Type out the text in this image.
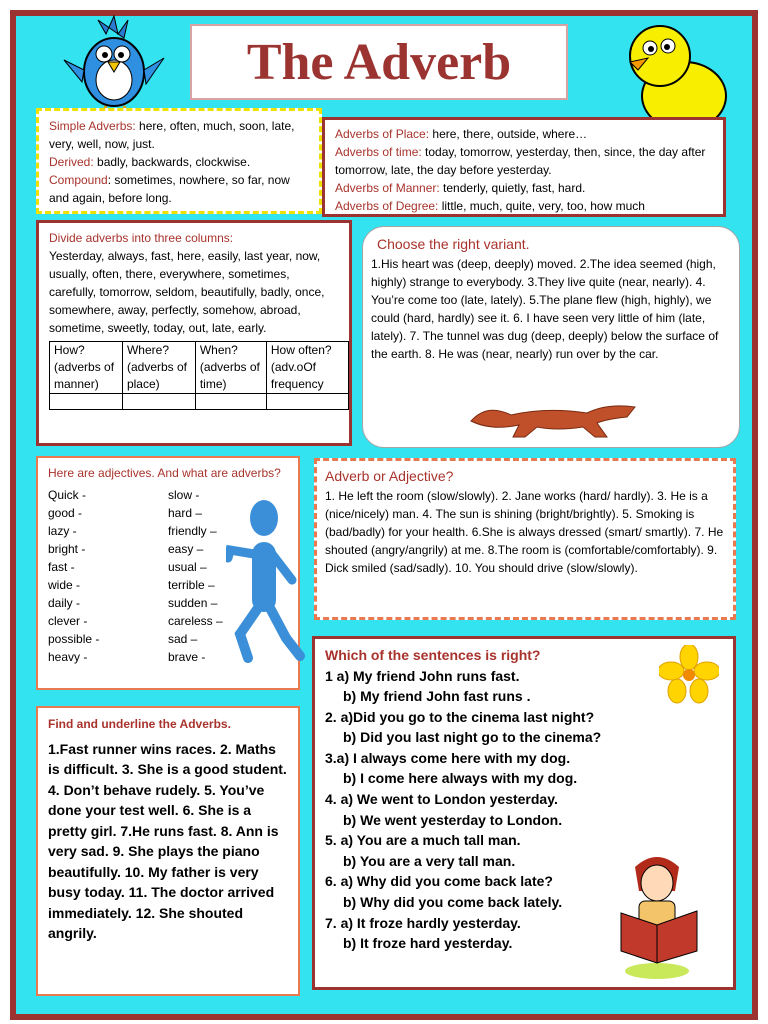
The Adverb

Simple Adverbs: here, often, much, soon, late, very, well, now, just.

Derived: badly, backwards, clockwise.

Compound: sometimes, nowhere, so far, now and again, before long.

Adverbs of Place: here, there, outside, where…

Adverbs of time: today, tomorrow, yesterday, then, since, the day after tomorrow, late, the day before yesterday.

Adverbs of Manner: tenderly, quietly, fast, hard.

Adverbs of Degree: little, much, quite, very, too, how much

Divide adverbs into three columns:

Yesterday, always, fast, here, easily, last year, now, usually, often, there, everywhere, sometimes, carefully, tomorrow, seldom, beautifully, badly, once, somewhere, away, perfectly, somehow, abroad, sometime, sweetly, today, out, late, early.

How? (adverbs of manner)	Where? (adverbs of place)	When? (adverbs of time)	How often? (adv.oOf frequency

Choose the right variant.

1.His heart was (deep, deeply) moved. 2.The idea seemed (high, highly) strange to everybody. 3.They live quite (near, nearly). 4. You’re come too (late, lately). 5.The plane flew (high, highly), we could (hard, hardly) see it. 6. I have seen very little of him (late, lately). 7. The tunnel was dug (deep, deeply) below the surface of the earth. 8. He was (near, nearly) run over by the car.

Here are adjectives. And what are adverbs?

Quick -	slow -
good -	hard –
lazy -	friendly –
bright -	easy –
fast -	usual –
wide -	terrible –
daily -	sudden –
clever -	careless –
possible -	sad –
heavy -	brave -

Adverb or Adjective?

1. He left the room (slow/slowly). 2. Jane works (hard/ hardly). 3. He is a (nice/nicely) man. 4. The sun is shining (bright/brightly). 5. Smoking is (bad/badly) for your health. 6.She is always dressed (smart/ smartly). 7. He shouted (angry/angrily) at me. 8.The room is (comfortable/comfortably). 9. Dick smiled (sad/sadly). 10. You should drive (slow/slowly).

Find and underline the Adverbs.

1.Fast runner wins races. 2. Maths is difficult. 3. She is a good student. 4. Don’t behave rudely. 5. You’ve done your test well. 6. She is a pretty girl. 7.He runs fast. 8. Ann is very sad. 9. She plays the piano beautifully. 10. My father is very busy today. 11. The doctor arrived immediately. 12. She shouted angrily.

Which of the sentences is right?

1 a) My friend John runs fast.
b) My friend John fast runs .
2. a)Did you go to the cinema last night?
b) Did you last night go to the cinema?
3.a) I always come here with my dog.
b) I come here always with my dog.
4. a) We went to London yesterday.
b) We went yesterday to London.
5. a) You are a much tall man.
b) You are a very tall man.
6. a) Why did you come back late?
b) Why did you come back lately.
7. a) It froze hardly yesterday.
b) It froze hard yesterday.
